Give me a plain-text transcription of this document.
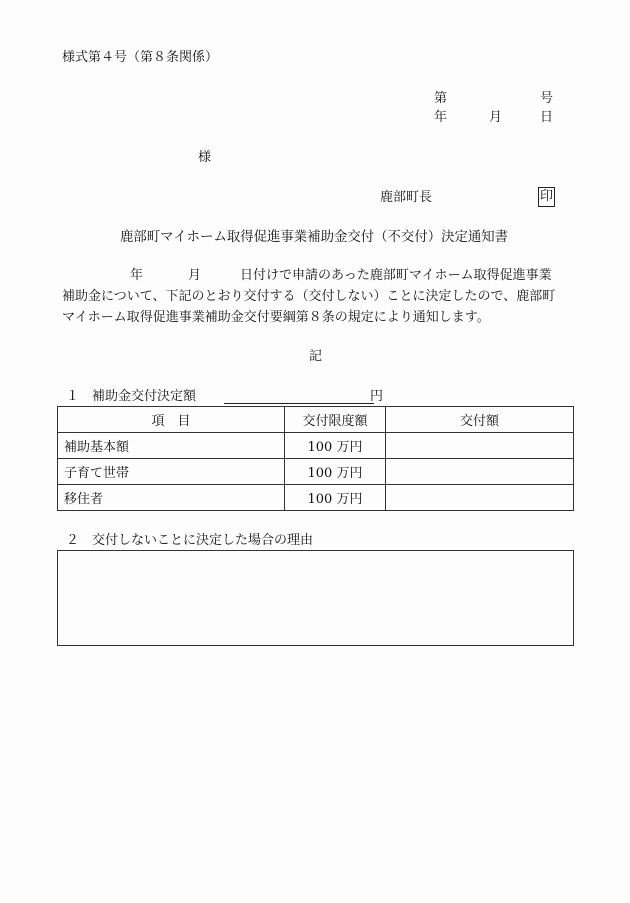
様式第４号（第８条関係）
第	号
年	月	日
様
鹿部町長	印
鹿部町マイホーム取得促進事業補助金交付（不交付）決定通知書
年	月	日付けで申請のあった鹿部町マイホーム取得促進事業
補助金について、下記のとおり交付する（交付しない）ことに決定したので、鹿部町
マイホーム取得促進事業補助金交付要綱第８条の規定により通知します。
記
１　補助金交付決定額	円
項　目	交付限度額	交付額
補助基本額	100 万円	
子育て世帯	100 万円	
移住者	100 万円	
２　交付しないことに決定した場合の理由
